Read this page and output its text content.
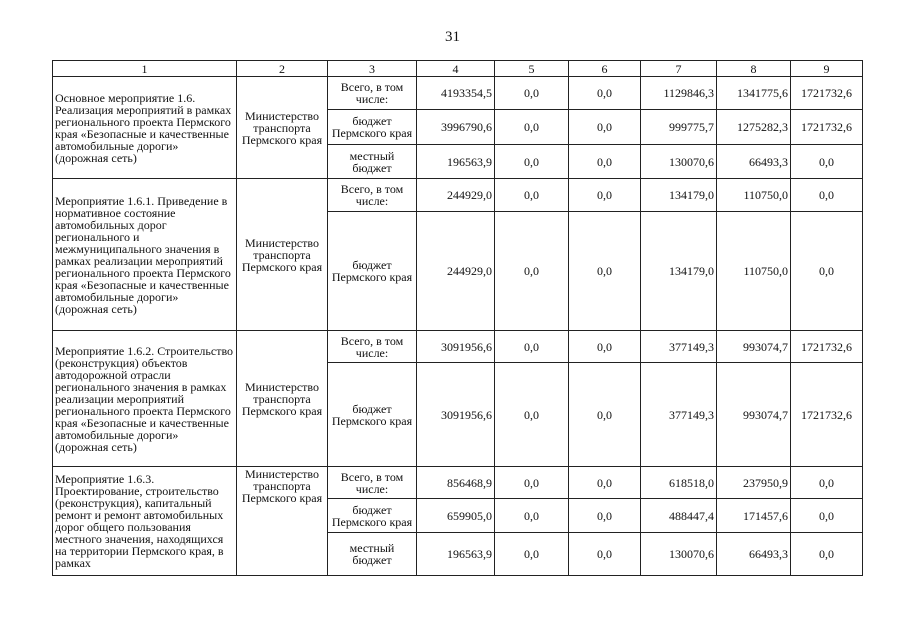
31
1	2	3	4	5	6	7	8	9
Основное мероприятие 1.6. Реализация мероприятий в рамках регионального проекта Пермского края «Безопасные и качественные автомобильные дороги» (дорожная сеть)	Министерство транспорта Пермского края	Всего, в том числе:	4193354,5	0,0	0,0	1129846,3	1341775,6	1721732,6
		бюджет Пермского края	3996790,6	0,0	0,0	999775,7	1275282,3	1721732,6
		местный бюджет	196563,9	0,0	0,0	130070,6	66493,3	0,0
Мероприятие 1.6.1. Приведение в нормативное состояние автомобильных дорог регионального и межмуниципального значения в рамках реализации мероприятий регионального проекта Пермского края «Безопасные и качественные автомобильные дороги» (дорожная сеть)	Министерство транспорта Пермского края	Всего, в том числе:	244929,0	0,0	0,0	134179,0	110750,0	0,0
		бюджет Пермского края	244929,0	0,0	0,0	134179,0	110750,0	0,0
Мероприятие 1.6.2. Строительство (реконструкция) объектов автодорожной отрасли регионального значения в рамках реализации мероприятий регионального проекта Пермского края «Безопасные и качественные автомобильные дороги» (дорожная сеть)	Министерство транспорта Пермского края	Всего, в том числе:	3091956,6	0,0	0,0	377149,3	993074,7	1721732,6
		бюджет Пермского края	3091956,6	0,0	0,0	377149,3	993074,7	1721732,6
Мероприятие 1.6.3. Проектирование, строительство (реконструкция), капитальный ремонт и ремонт автомобильных дорог общего пользования местного значения, находящихся на территории Пермского края, в рамках	Министерство транспорта Пермского края	Всего, в том числе:	856468,9	0,0	0,0	618518,0	237950,9	0,0
		бюджет Пермского края	659905,0	0,0	0,0	488447,4	171457,6	0,0
		местный бюджет	196563,9	0,0	0,0	130070,6	66493,3	0,0
